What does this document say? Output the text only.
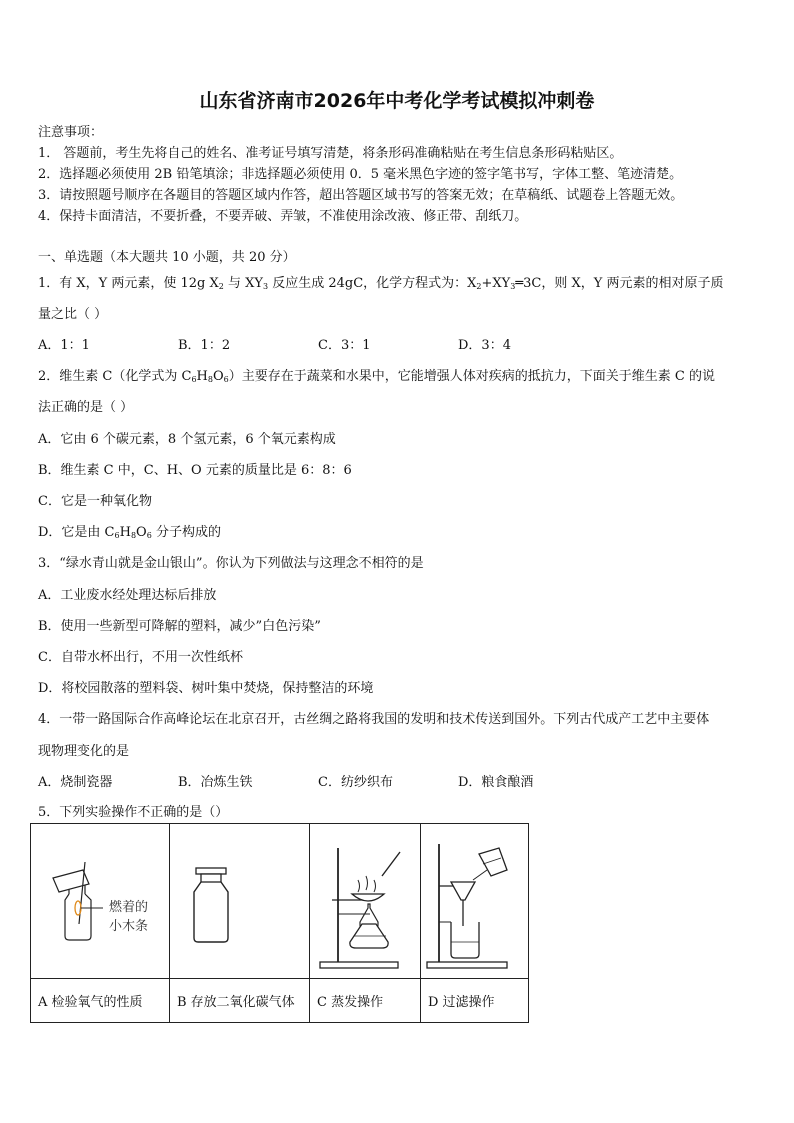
山东省济南市2026年中考化学考试模拟冲刺卷
注意事项：
1． 答题前，考生先将自己的姓名、准考证号填写清楚，将条形码准确粘贴在考生信息条形码粘贴区。
2．选择题必须使用 2B 铅笔填涂；非选择题必须使用 0．5 毫米黑色字迹的签字笔书写，字体工整、笔迹清楚。
3．请按照题号顺序在各题目的答题区域内作答，超出答题区域书写的答案无效；在草稿纸、试题卷上答题无效。
4．保持卡面清洁，不要折叠，不要弄破、弄皱，不准使用涂改液、修正带、刮纸刀。
一、单选题（本大题共 10 小题，共 20 分）
1．有 X，Y 两元素，使 12g $X_2$ 与 $XY_3$ 反应生成 24gC，化学方程式为：$X_2+XY_3═3C$，则 X，Y 两元素的相对原子质
量之比（ ）
A．1：1	B．1：2	C．3：1	D．3：4
2．维生素 C（化学式为 $C_6H_8O_6$）主要存在于蔬菜和水果中，它能增强人体对疾病的抵抗力，下面关于维生素 C 的说
法正确的是（ ）
A．它由 6 个碳元素，8 个氢元素，6 个氧元素构成
B．维生素 C 中，C、H、O 元素的质量比是 6：8：6
C．它是一种氧化物
D．它是由 $C_6H_8O_6$ 分子构成的
3．“绿水青山就是金山银山”。你认为下列做法与这理念不相符的是
A．工业废水经处理达标后排放
B．使用一些新型可降解的塑料，减少”白色污染”
C．自带水杯出行，不用一次性纸杯
D．将校园散落的塑料袋、树叶集中焚烧，保持整洁的环境
4．一带一路国际合作高峰论坛在北京召开，古丝绸之路将我国的发明和技术传送到国外。下列古代成产工艺中主要体
现物理变化的是
A．烧制瓷器	B．冶炼生铁	C．纺纱织布	D．粮食酿酒
5．下列实验操作不正确的是（）
燃着的
小木条

A 检验氧气的性质	B 存放二氧化碳气体	C 蒸发操作	D 过滤操作
